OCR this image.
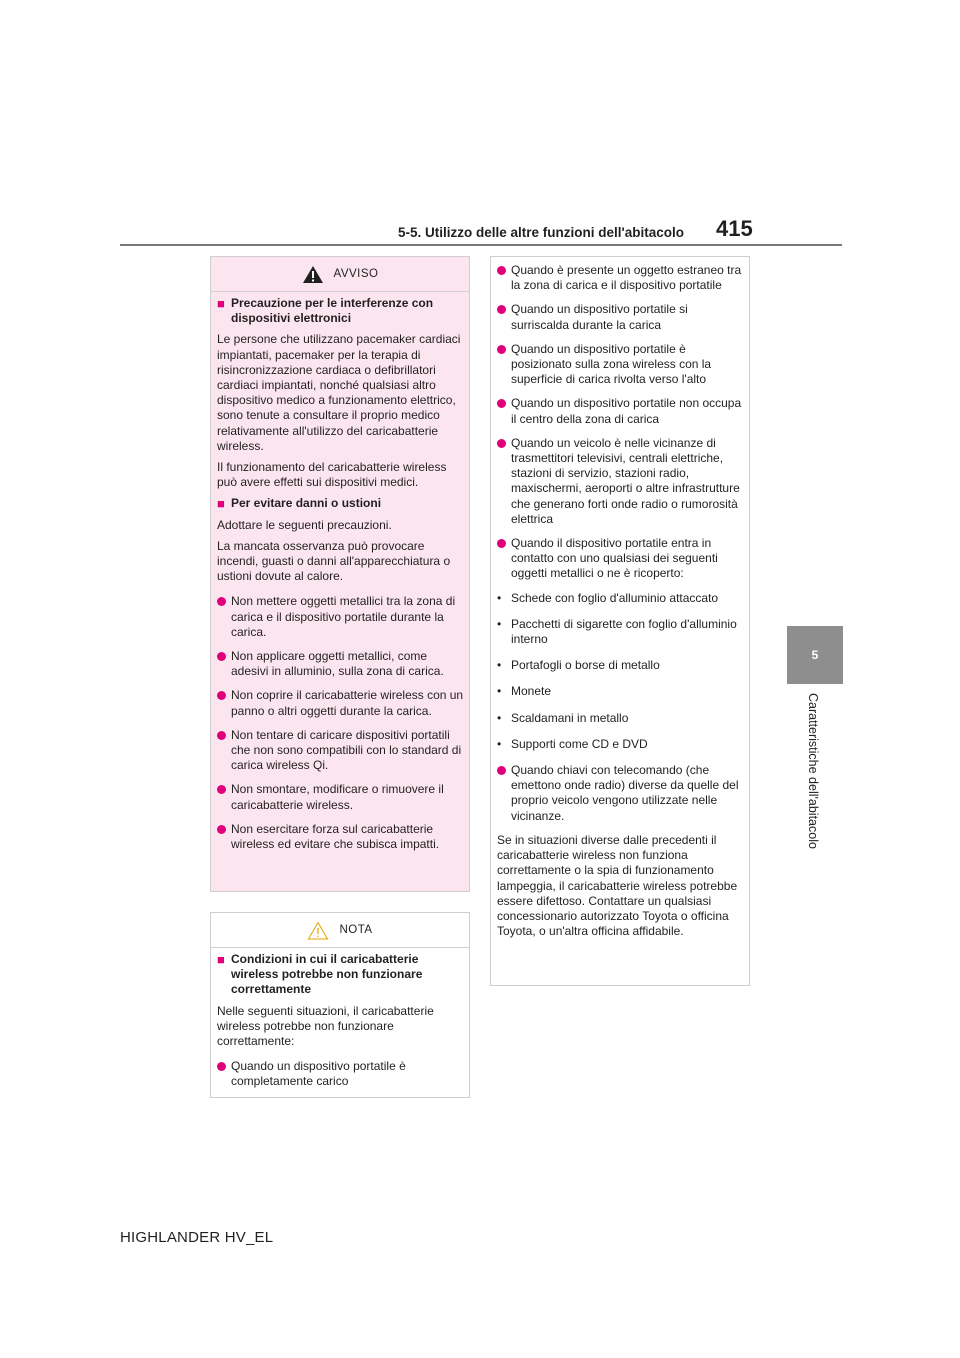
5-5. Utilizzo delle altre funzioni dell'abitacolo 415
5
Caratteristiche dell'abitacolo
AVVISO
■ Precauzione per le interferenze con dispositivi elettronici
Le persone che utilizzano pacemaker cardiaci impiantati, pacemaker per la terapia di risincronizzazione cardiaca o defibrillatori cardiaci impiantati, nonché qualsiasi altro dispositivo medico a funzionamento elettrico, sono tenute a consultare il proprio medico relativamente all'utilizzo del caricabatterie wireless.
Il funzionamento del caricabatterie wireless può avere effetti sui dispositivi medici.
■ Per evitare danni o ustioni
Adottare le seguenti precauzioni.
La mancata osservanza può provocare incendi, guasti o danni all'apparecchiatura o ustioni dovute al calore.
Non mettere oggetti metallici tra la zona di carica e il dispositivo portatile durante la carica.
Non applicare oggetti metallici, come adesivi in alluminio, sulla zona di carica.
Non coprire il caricabatterie wireless con un panno o altri oggetti durante la carica.
Non tentare di caricare dispositivi portatili che non sono compatibili con lo standard di carica wireless Qi.
Non smontare, modificare o rimuovere il caricabatterie wireless.
Non esercitare forza sul caricabatterie wireless ed evitare che subisca impatti.
NOTA
■ Condizioni in cui il caricabatterie wireless potrebbe non funzionare correttamente
Nelle seguenti situazioni, il caricabatterie wireless potrebbe non funzionare correttamente:
Quando un dispositivo portatile è completamente carico
Quando è presente un oggetto estraneo tra la zona di carica e il dispositivo portatile
Quando un dispositivo portatile si surriscalda durante la carica
Quando un dispositivo portatile è posizionato sulla zona wireless con la superficie di carica rivolta verso l'alto
Quando un dispositivo portatile non occupa il centro della zona di carica
Quando un veicolo è nelle vicinanze di trasmettitori televisivi, centrali elettriche, stazioni di servizio, stazioni radio, maxischermi, aeroporti o altre infrastrutture che generano forti onde radio o rumorosità elettrica
Quando il dispositivo portatile entra in contatto con uno qualsiasi dei seguenti oggetti metallici o ne è ricoperto:
• Schede con foglio d'alluminio attaccato
• Pacchetti di sigarette con foglio d'alluminio interno
• Portafogli o borse di metallo
• Monete
• Scaldamani in metallo
• Supporti come CD e DVD
Quando chiavi con telecomando (che emettono onde radio) diverse da quelle del proprio veicolo vengono utilizzate nelle vicinanze.
Se in situazioni diverse dalle precedenti il caricabatterie wireless non funziona correttamente o la spia di funzionamento lampeggia, il caricabatterie wireless potrebbe essere difettoso. Contattare un qualsiasi concessionario autorizzato Toyota o officina Toyota, o un'altra officina affidabile.
HIGHLANDER HV_EL
